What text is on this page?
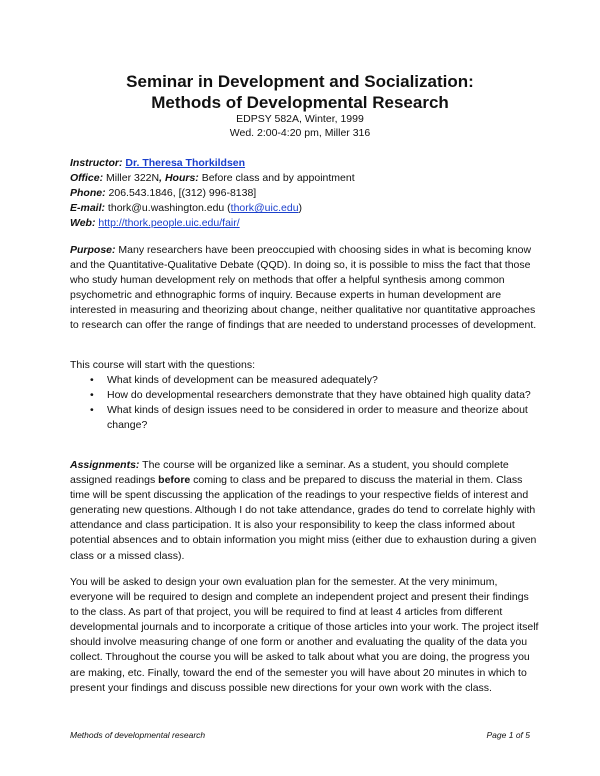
Seminar in Development and Socialization:
Methods of Developmental Research
EDPSY 582A, Winter, 1999
Wed. 2:00-4:20 pm, Miller 316
Instructor: Dr. Theresa Thorkildsen
Office: Miller 322N, Hours: Before class and by appointment
Phone: 206.543.1846, [(312) 996-8138]
E-mail: thork@u.washington.edu (thork@uic.edu)
Web: http://thork.people.uic.edu/fair/

Purpose: Many researchers have been preoccupied with choosing sides in what is becoming know and the Quantitative-Qualitative Debate (QQD). In doing so, it is possible to miss the fact that those who study human development rely on methods that offer a helpful synthesis among common psychometric and ethnographic forms of inquiry. Because experts in human development are interested in measuring and theorizing about change, neither qualitative nor quantitative approaches to research can offer the range of findings that are needed to understand processes of development.

This course will start with the questions:

• What kinds of development can be measured adequately?
• How do developmental researchers demonstrate that they have obtained high quality data?
• What kinds of design issues need to be considered in order to measure and theorize about change?

Assignments: The course will be organized like a seminar. As a student, you should complete assigned readings before coming to class and be prepared to discuss the material in them. Class time will be spent discussing the application of the readings to your respective fields of interest and generating new questions. Although I do not take attendance, grades do tend to correlate highly with attendance and class participation. It is also your responsibility to keep the class informed about potential absences and to obtain information you might miss (either due to exhaustion during a given class or a missed class).

You will be asked to design your own evaluation plan for the semester. At the very minimum, everyone will be required to design and complete an independent project and present their findings to the class. As part of that project, you will be required to find at least 4 articles from different developmental journals and to incorporate a critique of those articles into your work. The project itself should involve measuring change of one form or another and evaluating the quality of the data you collect. Throughout the course you will be asked to talk about what you are doing, the progress you are making, etc. Finally, toward the end of the semester you will have about 20 minutes in which to present your findings and discuss possible new directions for your own work with the class.

Methods of developmental research	Page 1 of 5
